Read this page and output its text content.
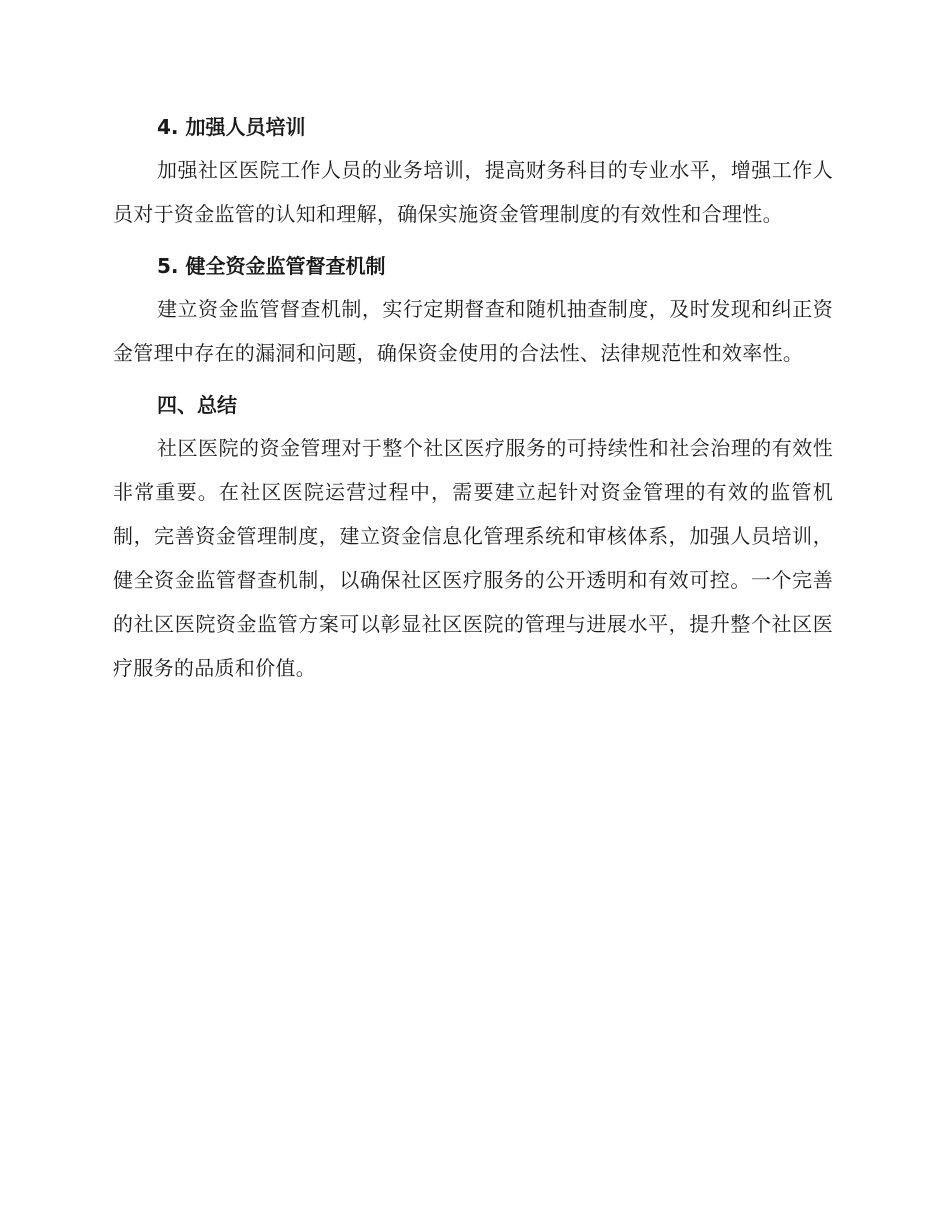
4. 加强人员培训

加强社区医院工作人员的业务培训，提高财务科目的专业水平，增强工作人员对于资金监管的认知和理解，确保实施资金管理制度的有效性和合理性。

5. 健全资金监管督查机制

建立资金监管督查机制，实行定期督查和随机抽查制度，及时发现和纠正资金管理中存在的漏洞和问题，确保资金使用的合法性、法律规范性和效率性。

四、总结

社区医院的资金管理对于整个社区医疗服务的可持续性和社会治理的有效性非常重要。在社区医院运营过程中，需要建立起针对资金管理的有效的监管机制，完善资金管理制度，建立资金信息化管理系统和审核体系，加强人员培训，健全资金监管督查机制，以确保社区医疗服务的公开透明和有效可控。一个完善的社区医院资金监管方案可以彰显社区医院的管理与进展水平，提升整个社区医疗服务的品质和价值。
